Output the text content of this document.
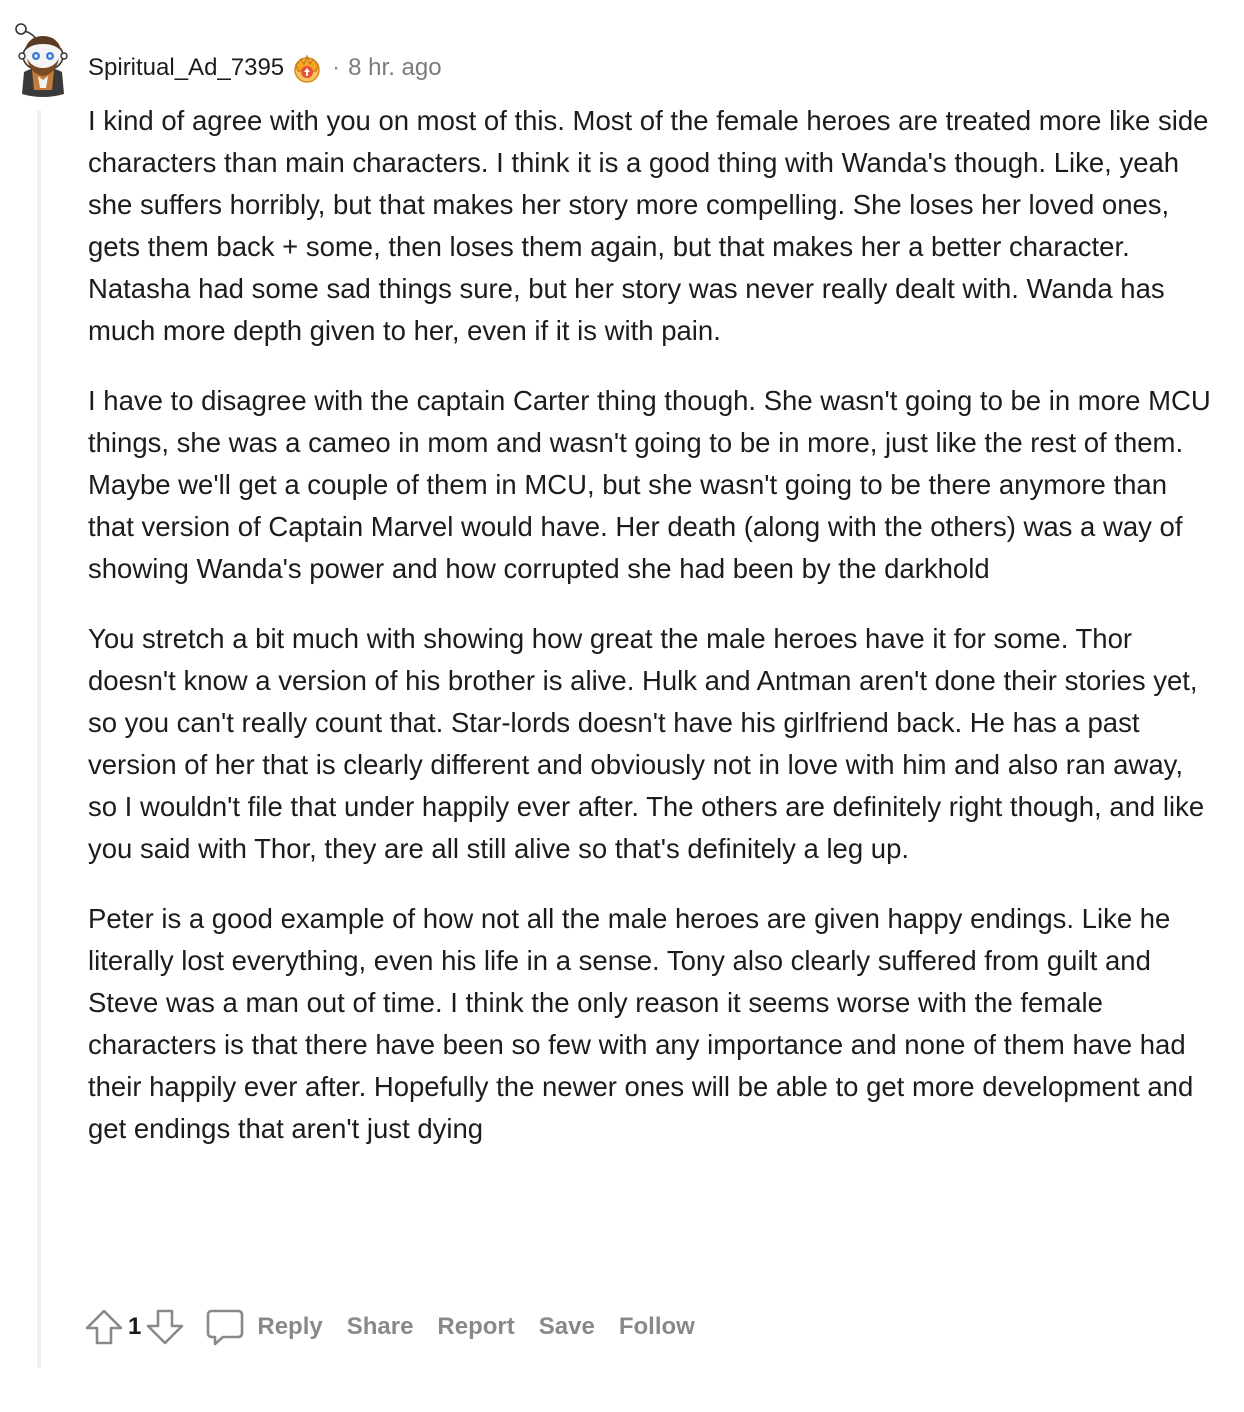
Spiritual_Ad_7395 · 8 hr. ago

I kind of agree with you on most of this. Most of the female heroes are treated more like side characters than main characters. I think it is a good thing with Wanda's though. Like, yeah she suffers horribly, but that makes her story more compelling. She loses her loved ones, gets them back + some, then loses them again, but that makes her a better character. Natasha had some sad things sure, but her story was never really dealt with. Wanda has much more depth given to her, even if it is with pain.

I have to disagree with the captain Carter thing though. She wasn't going to be in more MCU things, she was a cameo in mom and wasn't going to be in more, just like the rest of them. Maybe we'll get a couple of them in MCU, but she wasn't going to be there anymore than that version of Captain Marvel would have. Her death (along with the others) was a way of showing Wanda's power and how corrupted she had been by the darkhold

You stretch a bit much with showing how great the male heroes have it for some. Thor doesn't know a version of his brother is alive. Hulk and Antman aren't done their stories yet, so you can't really count that. Star-lords doesn't have his girlfriend back. He has a past version of her that is clearly different and obviously not in love with him and also ran away, so I wouldn't file that under happily ever after. The others are definitely right though, and like you said with Thor, they are all still alive so that's definitely a leg up.

Peter is a good example of how not all the male heroes are given happy endings. Like he literally lost everything, even his life in a sense. Tony also clearly suffered from guilt and Steve was a man out of time. I think the only reason it seems worse with the female characters is that there have been so few with any importance and none of them have had their happily ever after. Hopefully the newer ones will be able to get more development and get endings that aren't just dying

1	Reply Share Report Save Follow
